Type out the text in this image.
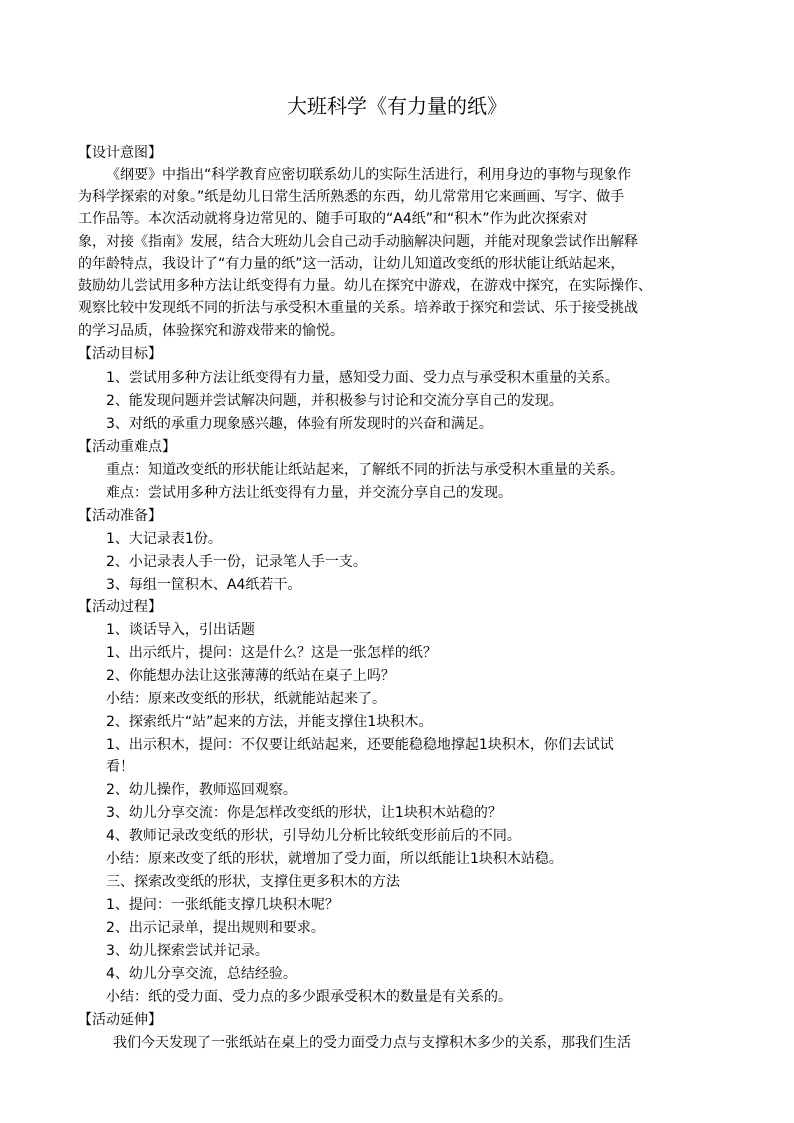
大班科学《有力量的纸》
【设计意图】
《纲要》中指出“科学教育应密切联系幼儿的实际生活进行，利用身边的事物与现象作
为科学探索的对象。”纸是幼儿日常生活所熟悉的东西，幼儿常常用它来画画、写字、做手
工作品等。本次活动就将身边常见的、随手可取的“A4纸”和“积木”作为此次探索对
象，对接《指南》发展，结合大班幼儿会自己动手动脑解决问题，并能对现象尝试作出解释
的年龄特点，我设计了“有力量的纸”这一活动，让幼儿知道改变纸的形状能让纸站起来，
鼓励幼儿尝试用多种方法让纸变得有力量。幼儿在探究中游戏，在游戏中探究，在实际操作、
观察比较中发现纸不同的折法与承受积木重量的关系。培养敢于探究和尝试、乐于接受挑战
的学习品质，体验探究和游戏带来的愉悦。
【活动目标】
1、尝试用多种方法让纸变得有力量，感知受力面、受力点与承受积木重量的关系。
2、能发现问题并尝试解决问题，并积极参与讨论和交流分享自己的发现。
3、对纸的承重力现象感兴趣，体验有所发现时的兴奋和满足。
【活动重难点】
重点：知道改变纸的形状能让纸站起来，了解纸不同的折法与承受积木重量的关系。
难点：尝试用多种方法让纸变得有力量，并交流分享自己的发现。
【活动准备】
1、大记录表1份。
2、小记录表人手一份，记录笔人手一支。
3、每组一筐积木、A4纸若干。
【活动过程】
1、谈话导入，引出话题
1、出示纸片，提问：这是什么？这是一张怎样的纸？
2、你能想办法让这张薄薄的纸站在桌子上吗？
小结：原来改变纸的形状，纸就能站起来了。
2、探索纸片“站”起来的方法，并能支撑住1块积木。
1、出示积木，提问：不仅要让纸站起来，还要能稳稳地撑起1块积木，你们去试试
看！
2、幼儿操作，教师巡回观察。
3、幼儿分享交流：你是怎样改变纸的形状，让1块积木站稳的？
4、教师记录改变纸的形状，引导幼儿分析比较纸变形前后的不同。
小结：原来改变了纸的形状，就增加了受力面，所以纸能让1块积木站稳。
三、探索改变纸的形状，支撑住更多积木的方法
1、提问：一张纸能支撑几块积木呢？
2、出示记录单，提出规则和要求。
3、幼儿探索尝试并记录。
4、幼儿分享交流，总结经验。
小结：纸的受力面、受力点的多少跟承受积木的数量是有关系的。
【活动延伸】
我们今天发现了一张纸站在桌上的受力面受力点与支撑积木多少的关系，那我们生活
